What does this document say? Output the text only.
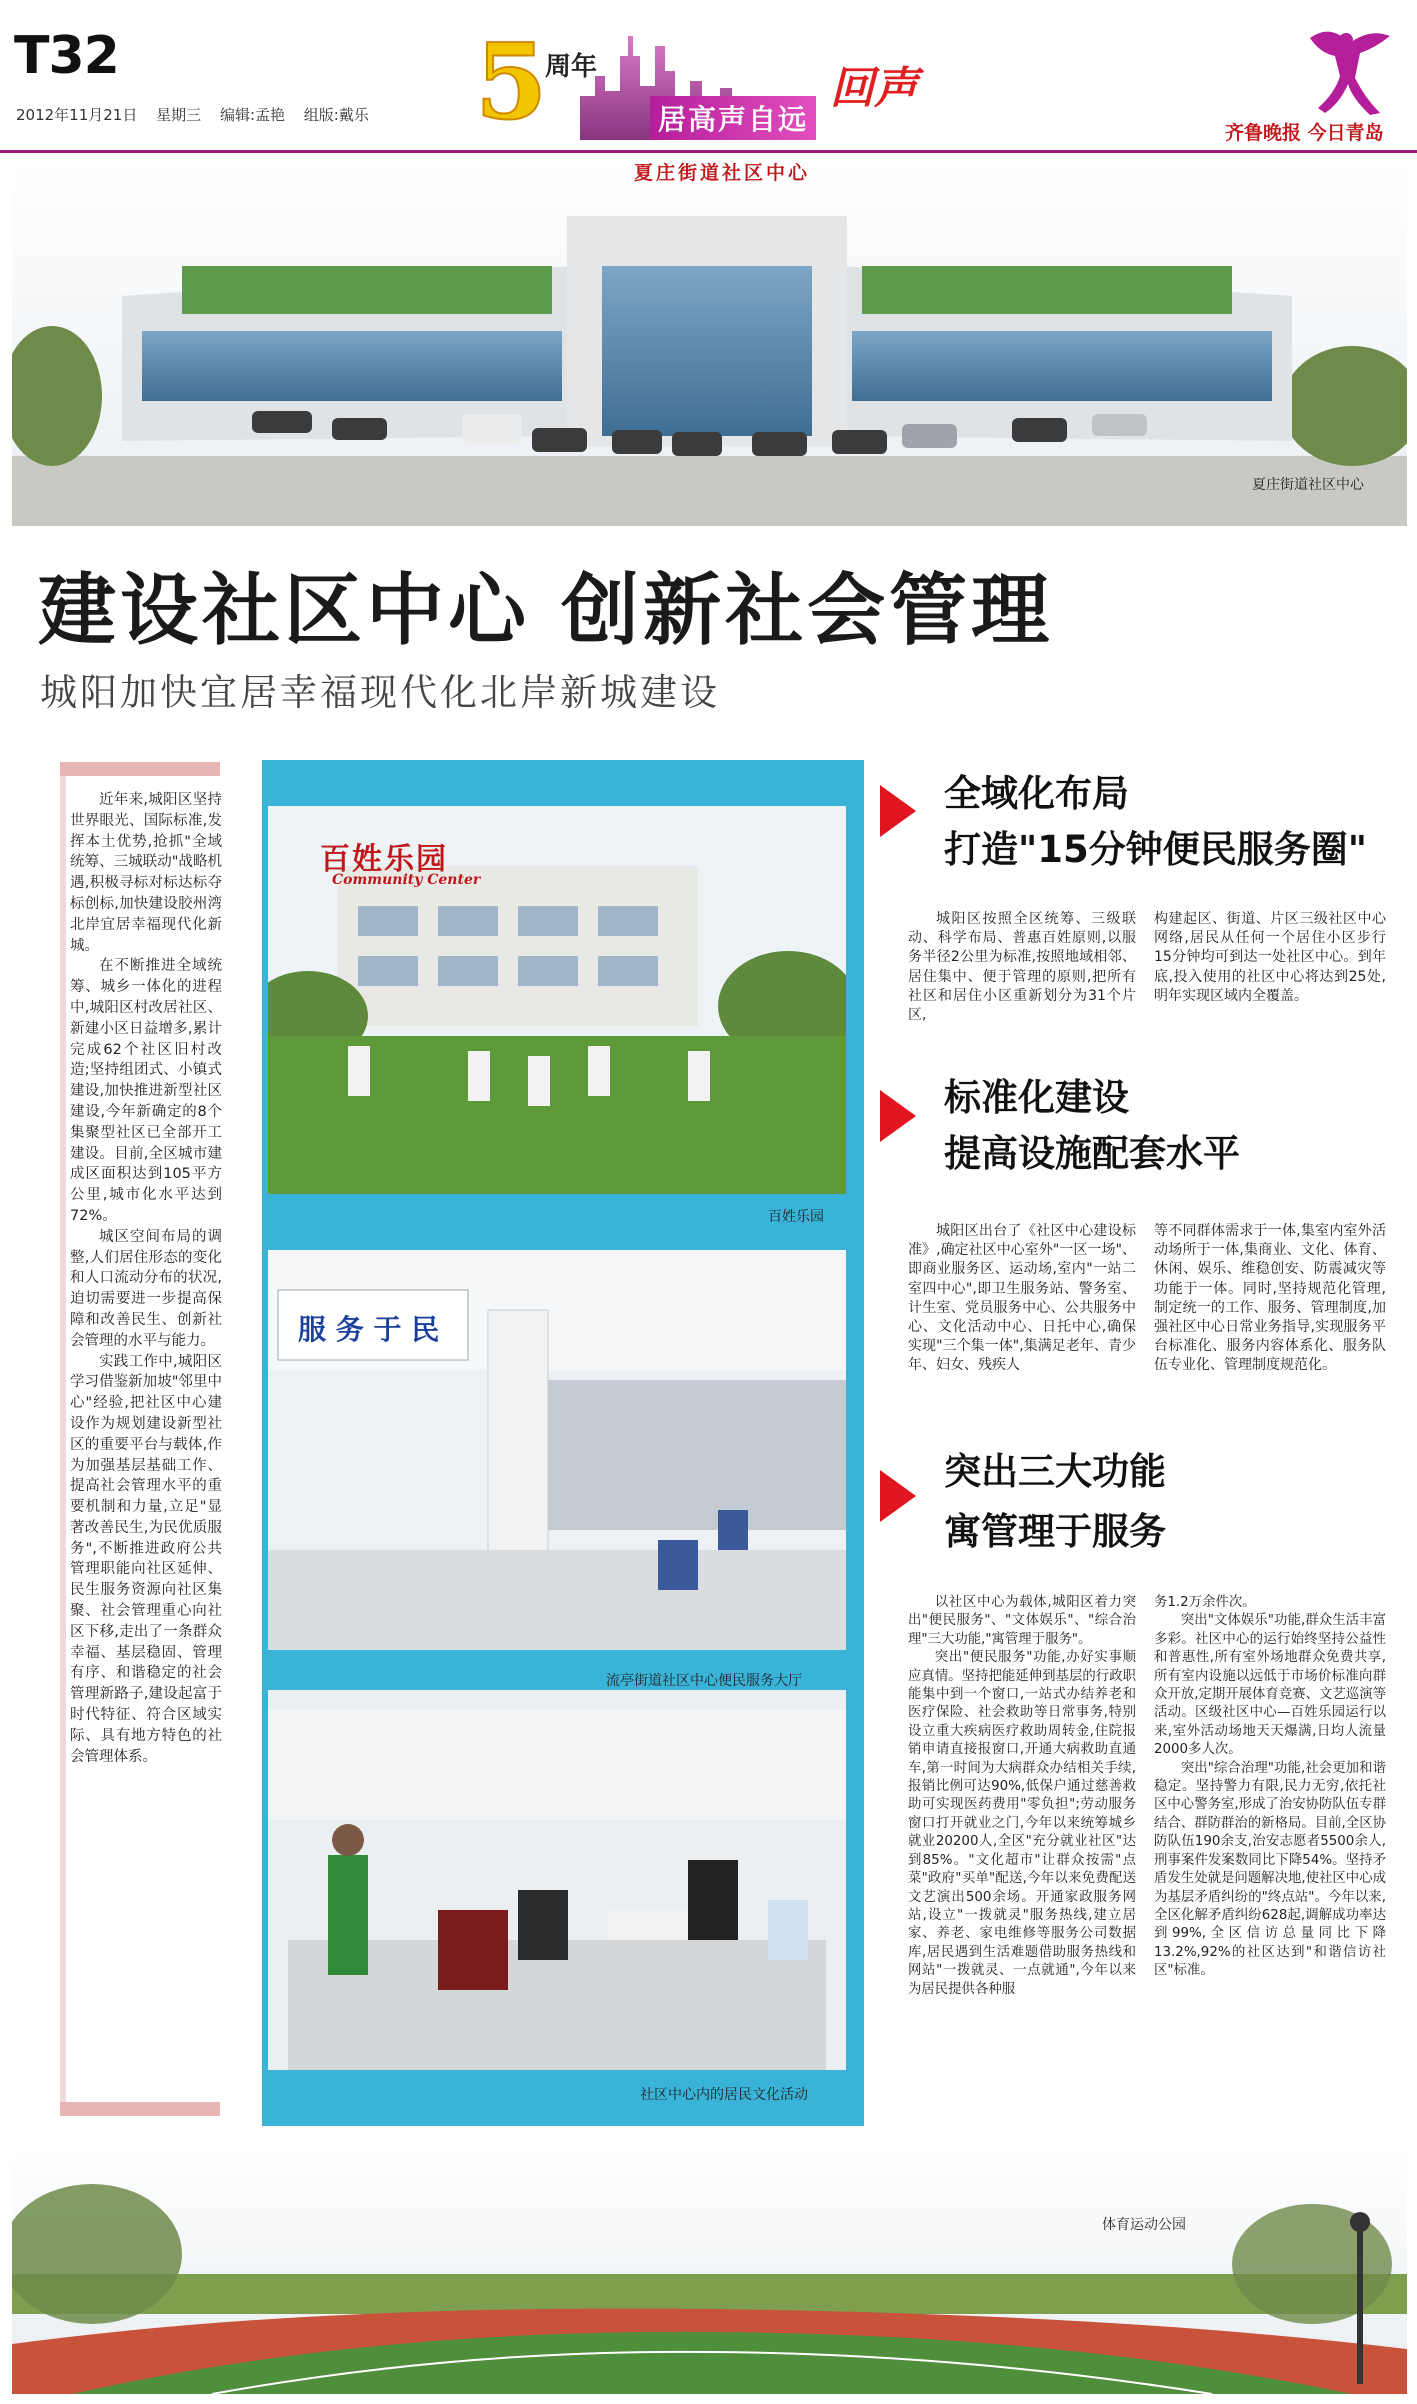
T32
2012年11月21日 星期三 编辑:孟艳 组版:戴乐 5
周年
居高声自远
回声
齐鲁晚报 今日青岛
夏庄街道社区中心
夏庄街道社区中心
建设社区中心 创新社会管理
城阳加快宜居幸福现代化北岸新城建设

近年来,城阳区坚持世界眼光、国际标准,发挥本土优势,抢抓"全域统筹、三城联动"战略机遇,积极寻标对标达标夺标创标,加快建设胶州湾北岸宜居幸福现代化新城。

在不断推进全域统筹、城乡一体化的进程中,城阳区村改居社区、新建小区日益增多,累计完成62个社区旧村改造;坚持组团式、小镇式建设,加快推进新型社区建设,今年新确定的8个集聚型社区已全部开工建设。目前,全区城市建成区面积达到105平方公里,城市化水平达到72%。

城区空间布局的调整,人们居住形态的变化和人口流动分布的状况,迫切需要进一步提高保障和改善民生、创新社会管理的水平与能力。

实践工作中,城阳区学习借鉴新加坡"邻里中心"经验,把社区中心建设作为规划建设新型社区的重要平台与载体,作为加强基层基础工作、提高社会管理水平的重要机制和力量,立足"显著改善民生,为民优质服务",不断推进政府公共管理职能向社区延伸、民生服务资源向社区集聚、社会管理重心向社区下移,走出了一条群众幸福、基层稳固、管理有序、和谐稳定的社会管理新路子,建设起富于时代特征、符合区域实际、具有地方特色的社会管理体系。

百姓乐园
Community Center
百姓乐园
服 务 于 民
流亭街道社区中心便民服务大厅
社区中心内的居民文化活动
全域化布局
打造"15分钟便民服务圈"

城阳区按照全区统筹、三级联动、科学布局、普惠百姓原则,以服务半径2公里为标准,按照地域相邻、居住集中、便于管理的原则,把所有社区和居住小区重新划分为31个片区,

构建起区、街道、片区三级社区中心网络,居民从任何一个居住小区步行15分钟均可到达一处社区中心。到年底,投入使用的社区中心将达到25处,明年实现区域内全覆盖。

标准化建设
提高设施配套水平

城阳区出台了《社区中心建设标准》,确定社区中心室外"一区一场"、即商业服务区、运动场,室内"一站二室四中心",即卫生服务站、警务室、计生室、党员服务中心、公共服务中心、文化活动中心、日托中心,确保实现"三个集一体",集满足老年、青少年、妇女、残疾人

等不同群体需求于一体,集室内室外活动场所于一体,集商业、文化、体育、休闲、娱乐、维稳创安、防震减灾等功能于一体。同时,坚持规范化管理,制定统一的工作、服务、管理制度,加强社区中心日常业务指导,实现服务平台标准化、服务内容体系化、服务队伍专业化、管理制度规范化。

突出三大功能
寓管理于服务

以社区中心为载体,城阳区着力突出"便民服务"、"文体娱乐"、"综合治理"三大功能,"寓管理于服务"。

突出"便民服务"功能,办好实事顺应真情。坚持把能延伸到基层的行政职能集中到一个窗口,一站式办结养老和医疗保险、社会救助等日常事务,特别设立重大疾病医疗救助周转金,住院报销申请直接报窗口,开通大病救助直通车,第一时间为大病群众办结相关手续,报销比例可达90%,低保户通过慈善救助可实现医药费用"零负担";劳动服务窗口打开就业之门,今年以来统筹城乡就业20200人,全区"充分就业社区"达到85%。"文化超市"让群众按需"点菜"政府"买单"配送,今年以来免费配送文艺演出500余场。开通家政服务网站,设立"一拨就灵"服务热线,建立居家、养老、家电维修等服务公司数据库,居民遇到生活难题借助服务热线和网站"一拨就灵、一点就通",今年以来为居民提供各种服

务1.2万余件次。

突出"文体娱乐"功能,群众生活丰富多彩。社区中心的运行始终坚持公益性和普惠性,所有室外场地群众免费共享,所有室内设施以远低于市场价标准向群众开放,定期开展体育竞赛、文艺巡演等活动。区级社区中心—百姓乐园运行以来,室外活动场地天天爆满,日均人流量2000多人次。

突出"综合治理"功能,社会更加和谐稳定。坚持警力有限,民力无穷,依托社区中心警务室,形成了治安协防队伍专群结合、群防群治的新格局。目前,全区协防队伍190余支,治安志愿者5500余人,刑事案件发案数同比下降54%。坚持矛盾发生处就是问题解决地,使社区中心成为基层矛盾纠纷的"终点站"。今年以来,全区化解矛盾纠纷628起,调解成功率达到99%,全区信访总量同比下降13.2%,92%的社区达到"和谐信访社区"标准。

体育运动公园
